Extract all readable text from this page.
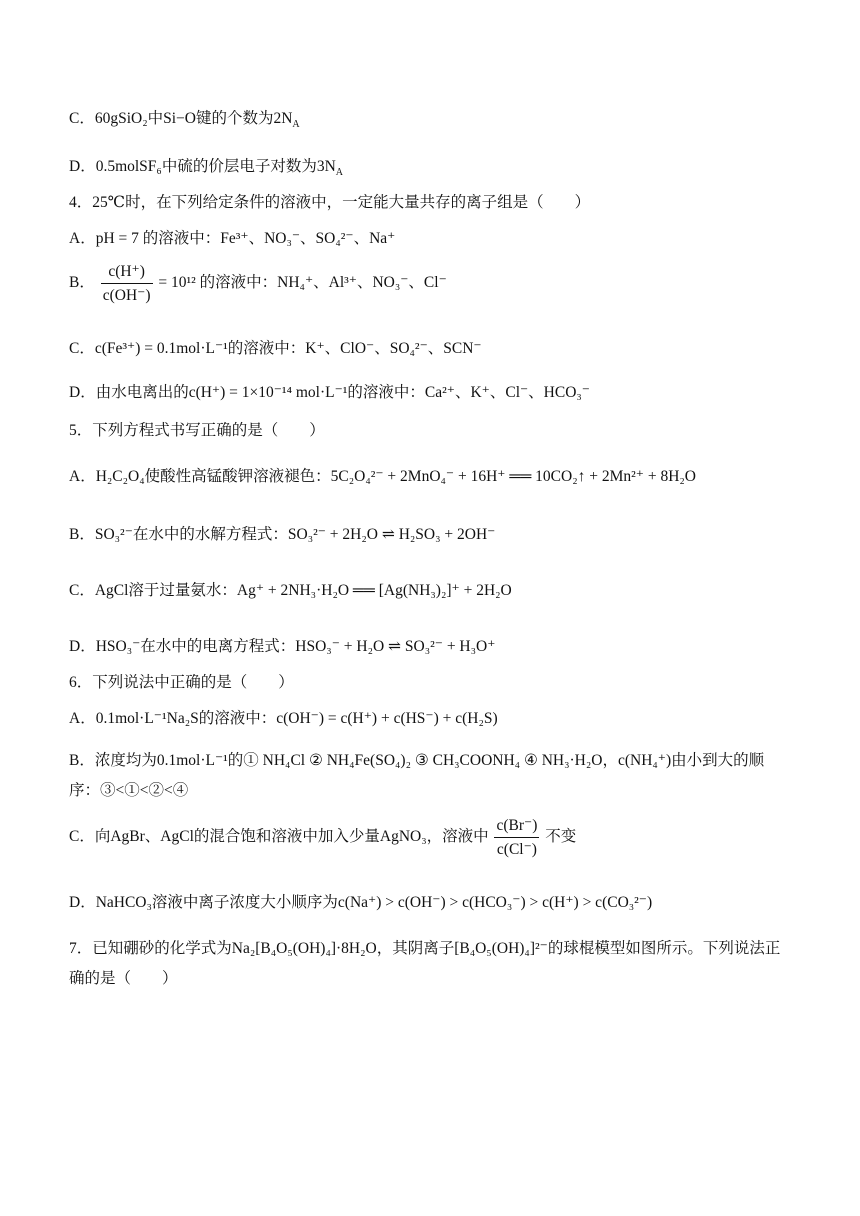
C．60gSiO₂中Si−O键的个数为$2N_A$
D．0.5molSF₆中硫的价层电子对数为$3N_A$
4．25℃时，在下列给定条件的溶液中，一定能大量共存的离子组是（　　）
A．pH = 7 的溶液中：Fe³⁺、NO₃⁻、SO₄²⁻、Na⁺
B． $\frac{c(H^+)}{c(OH^-)} = 10^{12}$ 的溶液中：NH₄⁺、Al³⁺、NO₃⁻、Cl⁻
C．c(Fe³⁺) = 0.1mol·L⁻¹的溶液中：K⁺、ClO⁻、SO₄²⁻、SCN⁻
D．由水电离出的c(H⁺) = 1×10⁻¹⁴ mol·L⁻¹的溶液中：Ca²⁺、K⁺、Cl⁻、HCO₃⁻
5．下列方程式书写正确的是（　　）
A．H₂C₂O₄使酸性高锰酸钾溶液褪色：5C₂O₄²⁻ + 2MnO₄⁻ + 16H⁺ ══ 10CO₂↑ + 2Mn²⁺ + 8H₂O
B．SO₃²⁻在水中的水解方程式：SO₃²⁻ + 2H₂O ⇌ H₂SO₃ + 2OH⁻
C．AgCl溶于过量氨水：Ag⁺ + 2NH₃·H₂O ══ [Ag(NH₃)₂]⁺ + 2H₂O
D．HSO₃⁻在水中的电离方程式：HSO₃⁻ + H₂O ⇌ SO₃²⁻ + H₃O⁺
6．下列说法中正确的是（　　）
A．0.1mol·L⁻¹Na₂S的溶液中：c(OH⁻) = c(H⁺) + c(HS⁻) + c(H₂S)
B．浓度均为0.1mol·L⁻¹的① NH₄Cl ② NH₄Fe(SO₄)₂ ③ CH₃COONH₄ ④ NH₃·H₂O，c(NH₄⁺)由小到大的顺序：③<①<②<④
C．向AgBr、AgCl的混合饱和溶液中加入少量AgNO₃，溶液中 $\frac{c(Br^-)}{c(Cl^-)}$ 不变
D．NaHCO₃溶液中离子浓度大小顺序为c(Na⁺) > c(OH⁻) > c(HCO₃⁻) > c(H⁺) > c(CO₃²⁻)
7．已知硼砂的化学式为Na₂[B₄O₅(OH)₄]·8H₂O，其阴离子[B₄O₅(OH)₄]²⁻的球棍模型如图所示。下列说法正确的是（　　）
